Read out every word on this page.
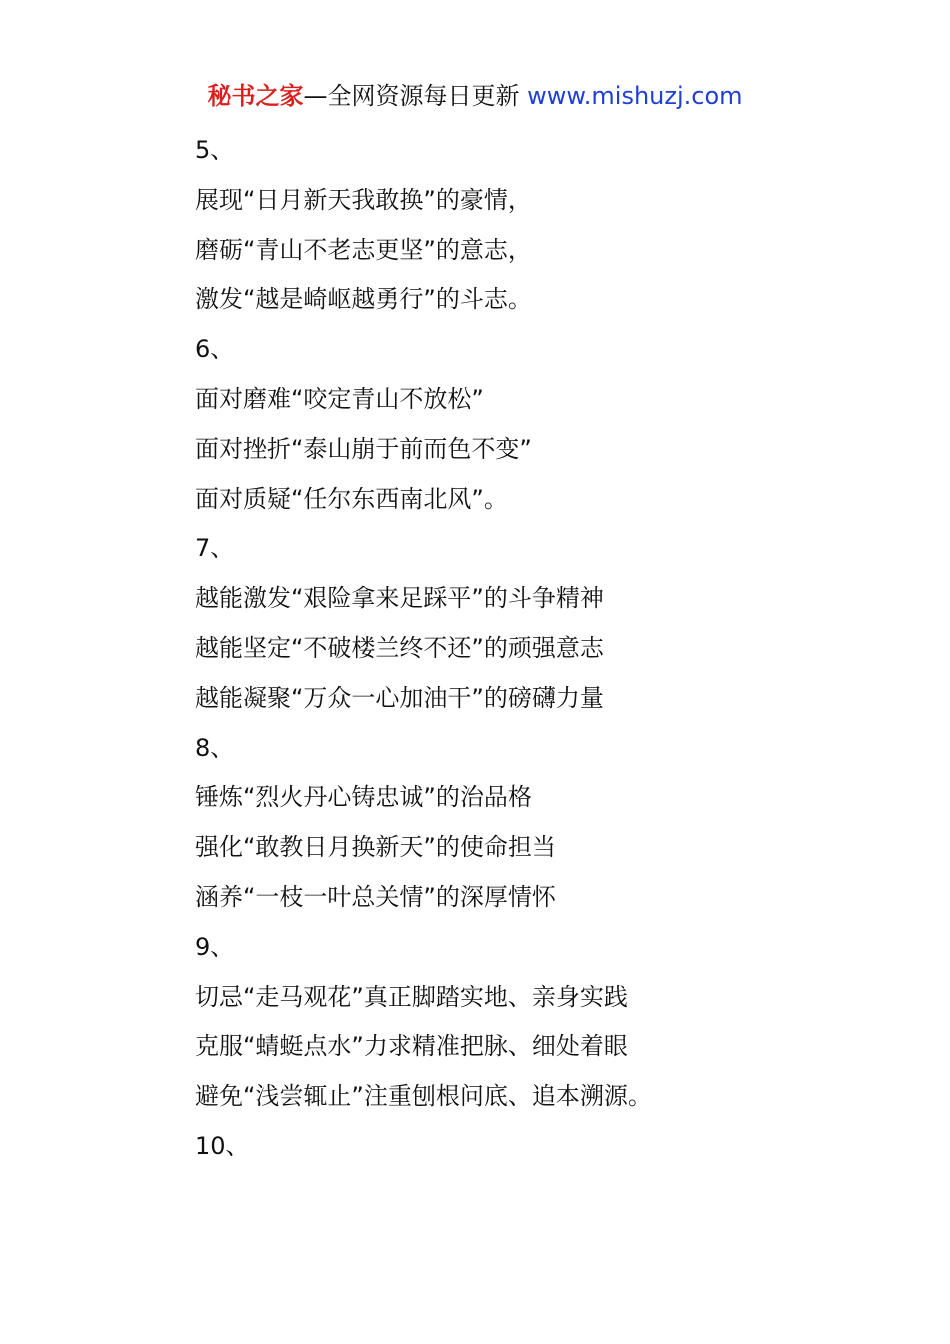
秘书之家—全网资源每日更新 www.mishuzj.com
5、
展现“日月新天我敢换”的豪情，
磨砺“青山不老志更坚”的意志，
激发“越是崎岖越勇行”的斗志。
6、
面对磨难“咬定青山不放松”
面对挫折“泰山崩于前而色不变”
面对质疑“任尔东西南北风”。
7、
越能激发“艰险拿来足踩平”的斗争精神
越能坚定“不破楼兰终不还”的顽强意志
越能凝聚“万众一心加油干”的磅礴力量
8、
锤炼“烈火丹心铸忠诚”的治品格
强化“敢教日月换新天”的使命担当
涵养“一枝一叶总关情”的深厚情怀
9、
切忌“走马观花”真正脚踏实地、亲身实践
克服“蜻蜓点水”力求精准把脉、细处着眼
避免“浅尝辄止”注重刨根问底、追本溯源。
10、
